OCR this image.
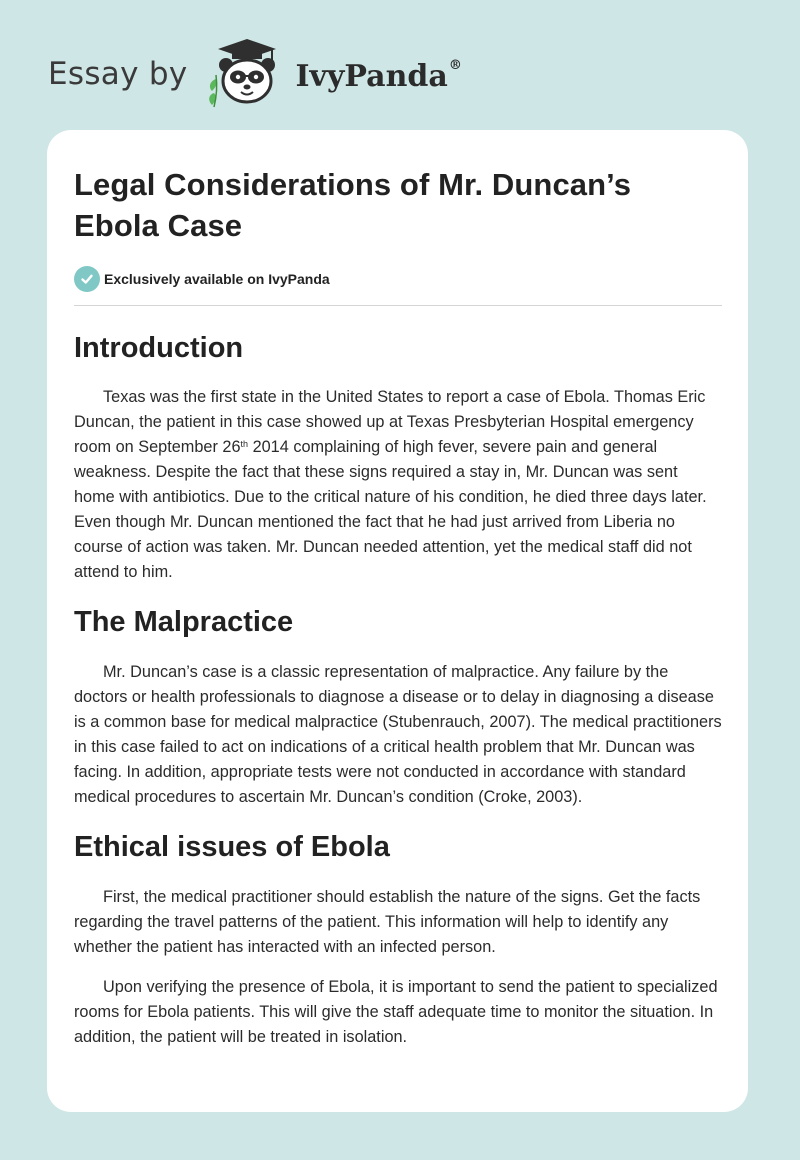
Essay by	IvyPanda®
Legal Considerations of Mr. Duncan’s Ebola Case
Exclusively available on IvyPanda
Introduction

Texas was the first state in the United States to report a case of Ebola. Thomas Eric Duncan, the patient in this case showed up at Texas Presbyterian Hospital emergency room on September 26th 2014 complaining of high fever, severe pain and general weakness. Despite the fact that these signs required a stay in, Mr. Duncan was sent home with antibiotics. Due to the critical nature of his condition, he died three days later. Even though Mr. Duncan mentioned the fact that he had just arrived from Liberia no course of action was taken. Mr. Duncan needed attention, yet the medical staff did not attend to him.

The Malpractice

Mr. Duncan’s case is a classic representation of malpractice. Any failure by the doctors or health professionals to diagnose a disease or to delay in diagnosing a disease is a common base for medical malpractice (Stubenrauch, 2007). The medical practitioners in this case failed to act on indications of a critical health problem that Mr. Duncan was facing. In addition, appropriate tests were not conducted in accordance with standard medical procedures to ascertain Mr. Duncan’s condition (Croke, 2003).

Ethical issues of Ebola

First, the medical practitioner should establish the nature of the signs. Get the facts regarding the travel patterns of the patient. This information will help to identify any whether the patient has interacted with an infected person.

Upon verifying the presence of Ebola, it is important to send the patient to specialized rooms for Ebola patients. This will give the staff adequate time to monitor the situation. In addition, the patient will be treated in isolation.
